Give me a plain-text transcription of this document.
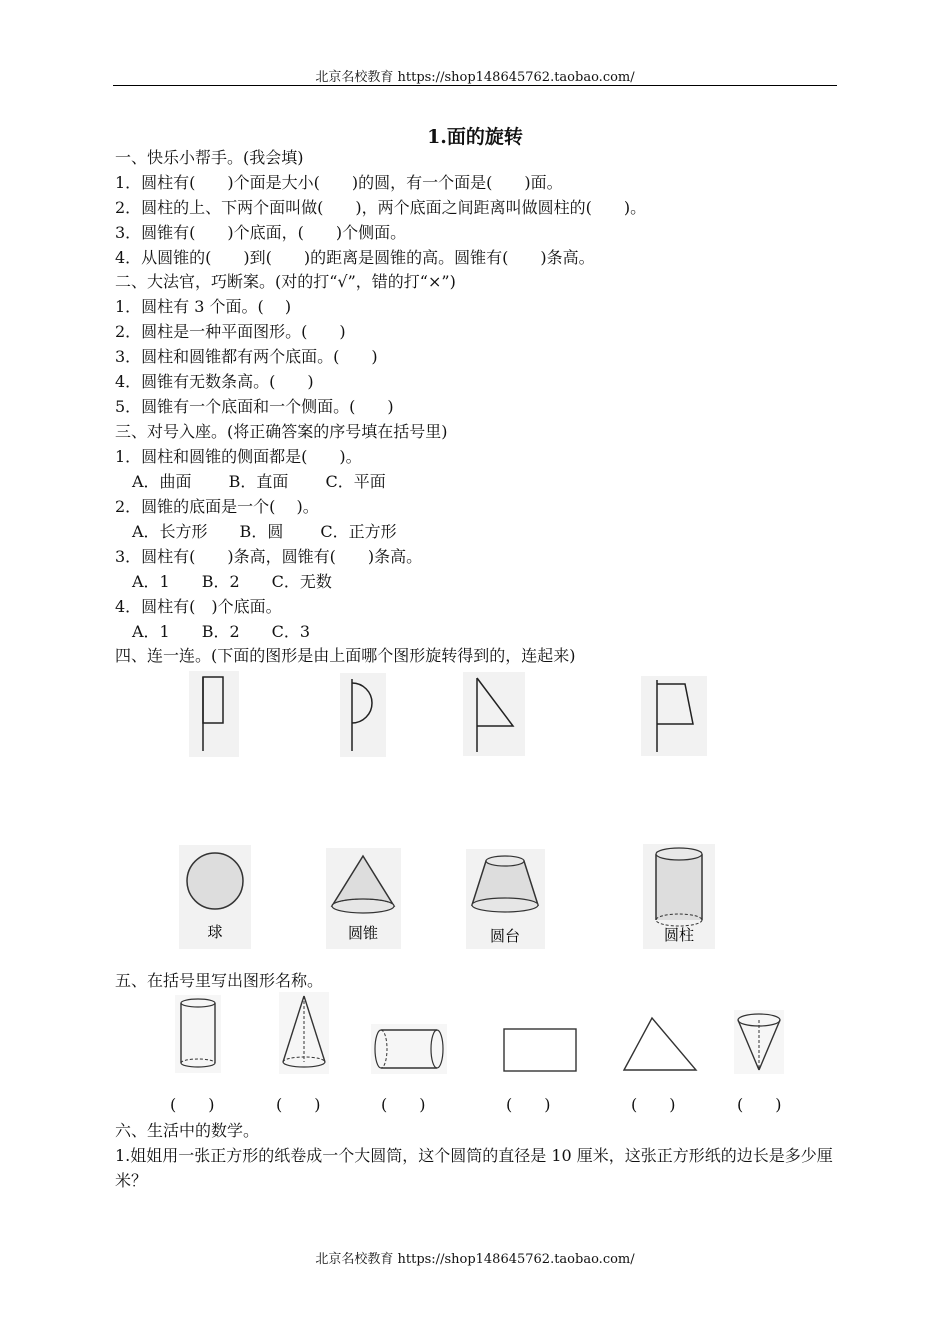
北京名校教育 https://shop148645762.taobao.com/
1.面的旋转
一、快乐小帮手。(我会填)
1．圆柱有(　　)个面是大小(　　)的圆，有一个面是(　　)面。
2．圆柱的上、下两个面叫做(　　)，两个底面之间距离叫做圆柱的(　　)。
3．圆锥有(　　)个底面，(　　)个侧面。
4．从圆锥的(　　)到(　　)的距离是圆锥的高。圆锥有(　　)条高。
二、大法官，巧断案。(对的打“√”，错的打“×”)
1．圆柱有 3 个面。(　 )
2．圆柱是一种平面图形。(　　)
3．圆柱和圆锥都有两个底面。(　　)
4．圆锥有无数条高。(　　)
5．圆锥有一个底面和一个侧面。(　　)
三、对号入座。(将正确答案的序号填在括号里)
1．圆柱和圆锥的侧面都是(　　)。
A．曲面　　 B．直面　　 C．平面
2．圆锥的底面是一个(　 )。
A．长方形　　B．圆　　 C．正方形
3．圆柱有(　　)条高，圆锥有(　　)条高。
A．1　　B．2　　C．无数
4．圆柱有(　)个底面。
A．1　　B．2　　C．3
四、连一连。(下面的图形是由上面哪个图形旋转得到的，连起来)
球	圆锥	圆台	圆柱
五、在括号里写出图形名称。
(　　)	(　　)	(　　)	(　　)	(　　)	(　　)
六、生活中的数学。
1.姐姐用一张正方形的纸卷成一个大圆筒，这个圆筒的直径是 10 厘米，这张正方形纸的边长是多少厘米？
北京名校教育 https://shop148645762.taobao.com/
